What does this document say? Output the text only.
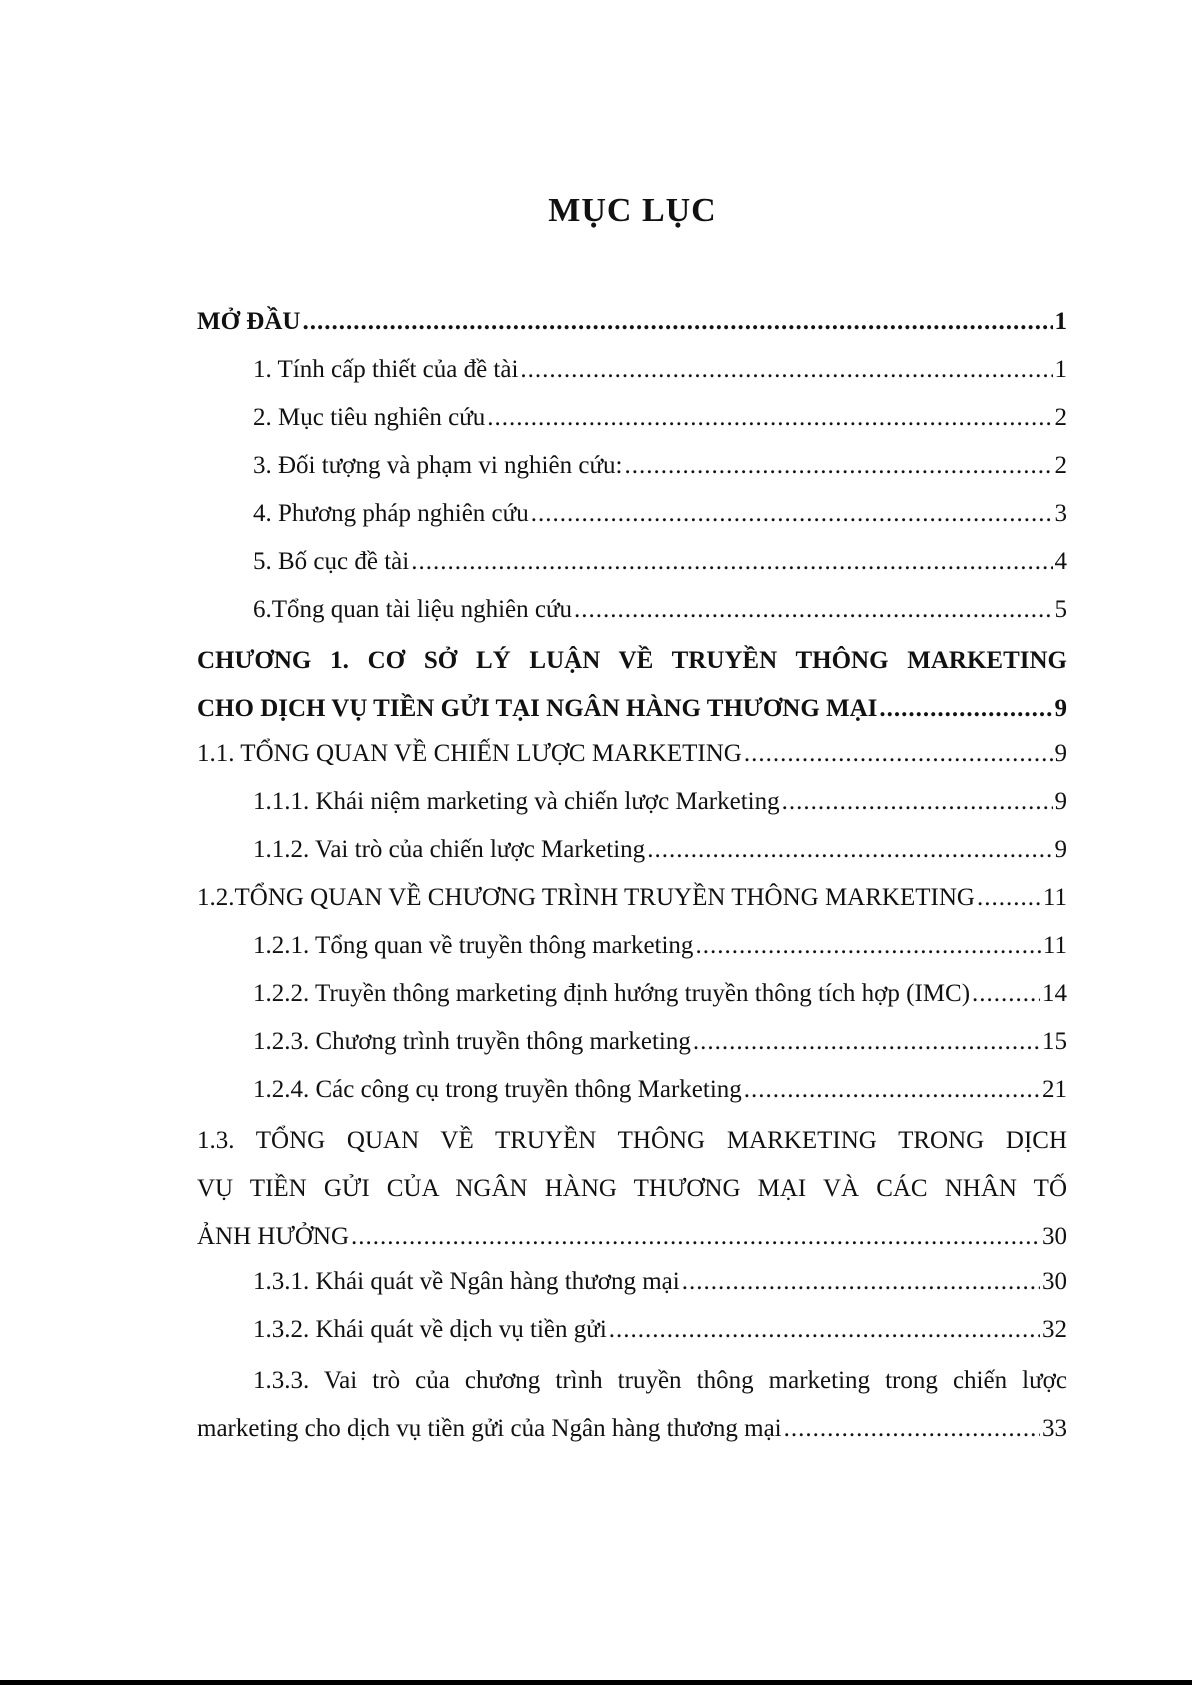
MỤC LỤC
MỞ ĐẦU .....	1
1. Tính cấp thiết của đề tài .....	1
2. Mục tiêu nghiên cứu .....	2
3. Đối tượng và phạm vi nghiên cứu: .....	2
4. Phương pháp nghiên cứu .....	3
5. Bố cục đề tài .....	4
6.Tổng quan tài liệu nghiên cứu .....	5
CHƯƠNG 1. CƠ SỞ LÝ LUẬN VỀ TRUYỀN THÔNG MARKETING
CHO DỊCH VỤ TIỀN GỬI TẠI NGÂN HÀNG THƯƠNG MẠI .....	9
1.1. TỔNG QUAN VỀ CHIẾN LƯỢC MARKETING .....	9
1.1.1. Khái niệm marketing và chiến lược Marketing .....	9
1.1.2. Vai trò của chiến lược Marketing .....	9
1.2.TỔNG QUAN VỀ CHƯƠNG TRÌNH TRUYỀN THÔNG MARKETING .....	11
1.2.1. Tổng quan về truyền thông marketing .....	11
1.2.2. Truyền thông marketing định hướng truyền thông tích hợp (IMC) .....	14
1.2.3. Chương trình truyền thông marketing .....	15
1.2.4. Các công cụ trong truyền thông Marketing .....	21
1.3. TỔNG QUAN VỀ TRUYỀN THÔNG MARKETING TRONG DỊCH
VỤ TIỀN GỬI CỦA NGÂN HÀNG THƯƠNG MẠI VÀ CÁC NHÂN TỐ
ẢNH HƯỞNG .....	30
1.3.1. Khái quát về Ngân hàng thương mại .....	30
1.3.2. Khái quát về dịch vụ tiền gửi .....	32
1.3.3. Vai trò của chương trình truyền thông marketing trong chiến lược
marketing cho dịch vụ tiền gửi của Ngân hàng thương mại .....	33
